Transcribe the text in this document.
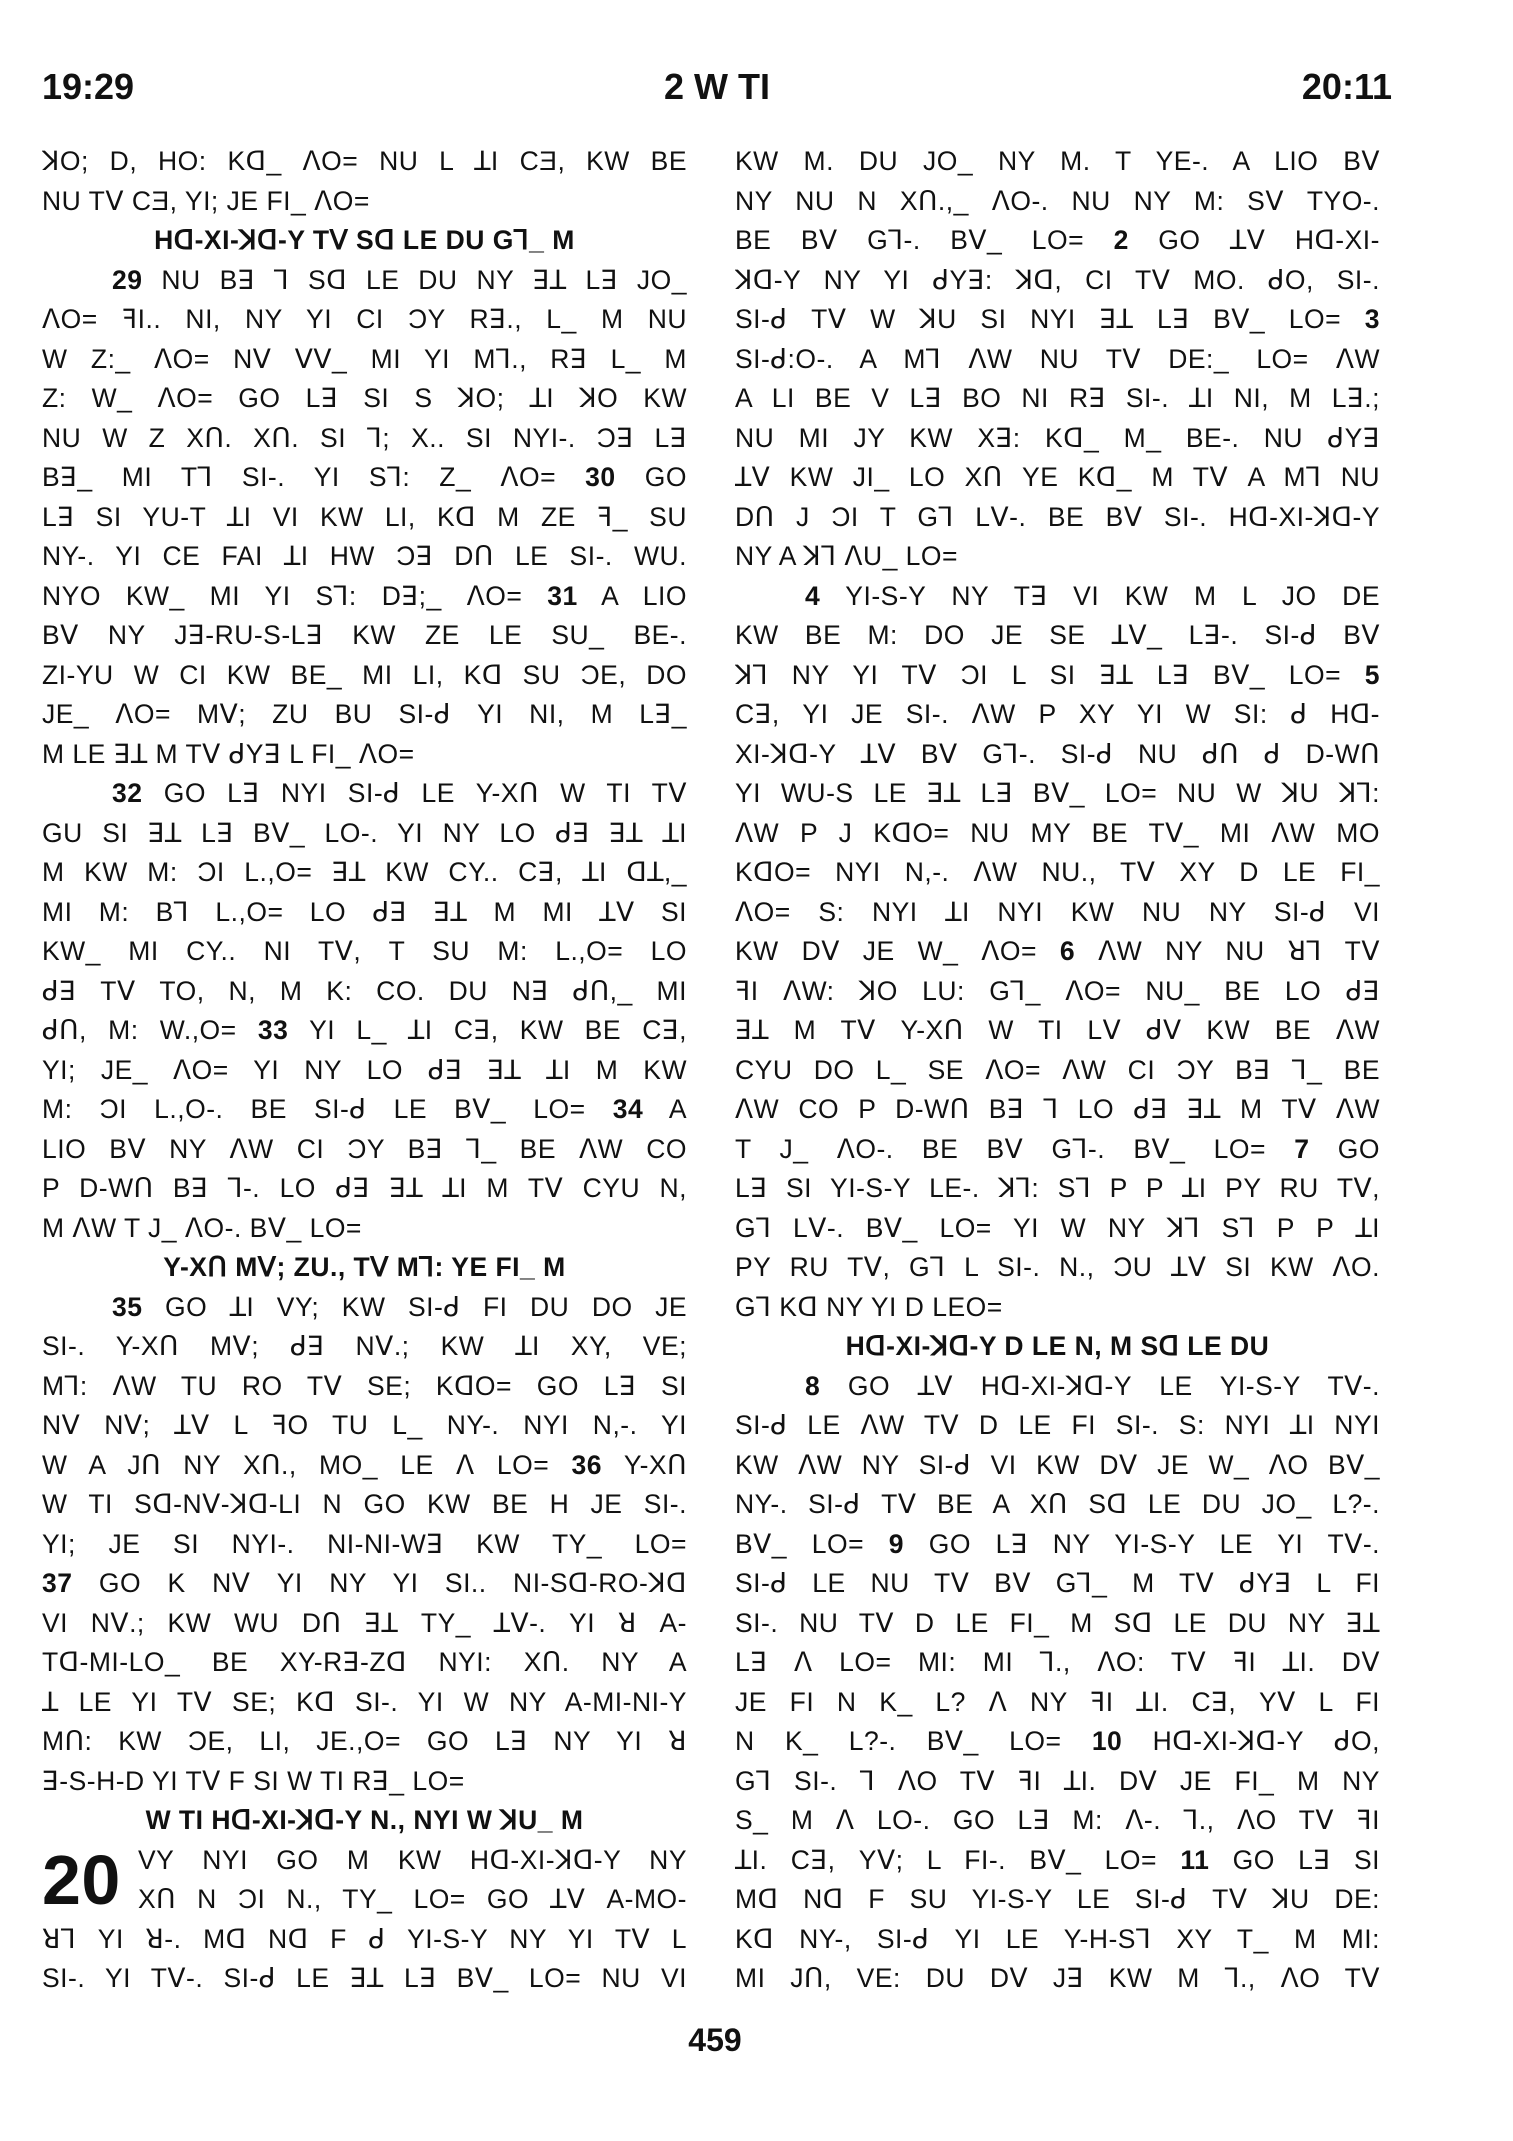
19:29	2 W TI	20:11
ꓘO; D, HO: Kᗡ_ ᐱO= NU L ꓕI CƎ, KW BE
NU Tᐯ CƎ, YI; JE FI_ ᐱO=
Hᗡ-XI-ꓘᗡ-Y Tᐯ Sᗡ LE DU G⅂_ M
29 NU Bꓱ ⅂ Sᗡ LE DU NY ꓱꓕ Lꓱ JO_
ᐱO= ꟻI.. NI, NY YI CI ƆY Rꓱ., L_ M NU
W Z:_ ᐱO= Nᐯ ᐯᐯ_ MI YI M⅂., Rꓱ L_ M
Z: W_ ᐱO= GO Lꓱ SI S ꓘO; ꓕI ꓘO KW
NU W Z Xᑎ. Xᑎ. SI ⅂; X.. SI NYI-. Ɔꓱ Lꓱ
Bꓱ_ MI T⅂ SI-. YI S⅂: Z_ ᐱO= 30 GO
Lꓱ SI YU-T ꓕI VI KW LI, Kᗡ M ZE ꟻ_ SU
NY-. YI CE FAI ꓕI HW Ɔꓱ Dᑎ LE SI-. WU.
NYO KW_ MI YI S⅂: Dꓱ;_ ᐱO= 31 A LIO
Bᐯ NY Jꓱ-RU-S-Lꓱ KW ZE LE SU_ BE-.
ZI-YU W CI KW BE_ MI LI, Kᗡ SU ƆE, DO
JE_ ᐱO= Mᐯ; ZU BU SI-ᑯ YI NI, M Lꓱ_
M LE ꓱꓕ M Tᐯ ᑯYꓱ L FI_ ᐱO=
32 GO Lꓱ NYI SI-ᑯ LE Y-Xᑎ W TI Tᐯ
GU SI ꓱꓕ Lꓱ Bᐯ_ LO-. YI NY LO ᑯꓱ ꓱꓕ ꓕI
M KW M: ƆI L.,O= ꓱꓕ KW CY.. Cꓱ, ꓕI ᗡꓕ,_
MI M: B⅂ L.,O= LO ᑯꓱ ꓱꓕ M MI ꓕᐯ SI
KW_ MI CY.. NI Tᐯ, T SU M: L.,O= LO
ᑯꓱ Tᐯ TO, N, M K: CO. DU Nꓱ ᑯᑎ,_ MI
ᑯᑎ, M: W.,O= 33 YI L_ ꓕI Cꓱ, KW BE Cꓱ,
YI; JE_ ᐱO= YI NY LO ᑯꓱ ꓱꓕ ꓕI M KW
M: ƆI L.,O-. BE SI-ᑯ LE Bᐯ_ LO= 34 A
LIO Bᐯ NY ᐱW CI ƆY Bꓱ ⅂_ BE ᐱW CO
P D-Wᑎ Bꓱ ⅂-. LO ᑯꓱ ꓱꓕ ꓕI M Tᐯ CYU N,
M ᐱW T J_ ᐱO-. Bᐯ_ LO=
Y-Xᑎ Mᐯ; ZU., Tᐯ M⅂: YE FI_ M
35 GO ꓕI VY; KW SI-ᑯ FI DU DO JE
SI-. Y-Xᑎ Mᐯ; ᑯꓱ Nᐯ.; KW ꓕI XY, VE;
M⅂: ᐱW TU RO Tᐯ SE; KᗡO= GO Lꓱ SI
Nᐯ Nᐯ; ꓕᐯ L ꟻO TU L_ NY-. NYI N,-. YI
W A Jᑎ NY Xᑎ., MO_ LE ᐱ LO= 36 Y-Xᑎ
W TI Sᗡ-Nᐯ-ꓘᗡ-LI N GO KW BE H JE SI-.
YI; JE SI NYI-. NI-NI-Wꓱ KW TY_ LO=
37 GO K Nᐯ YI NY YI SI.. NI-Sᗡ-RO-ꓘᗡ
VI Nᐯ.; KW WU Dᑎ ꓱꓕ TY_ ꓕᐯ-. YI ꓤ A-
Tᗡ-MI-LO_ BE XY-Rꓱ-Zᗡ NYI: Xᑎ. NY A
ꓕ LE YI Tᐯ SE; Kᗡ SI-. YI W NY A-MI-NI-Y
Mᑎ: KW ƆE, LI, JE.,O= GO Lꓱ NY YI ꓤ
ꓱ-S-H-D YI Tᐯ F SI W TI Rꓱ_ LO=
W TI Hᗡ-XI-ꓘᗡ-Y N., NYI W ꓘU_ M
20 VY NYI GO M KW Hᗡ-XI-ꓘᗡ-Y NY
Xᑎ N ƆI N., TY_ LO= GO ꓕᐯ A-MO-
ꓤ⅂ YI ꓤ-. Mᗡ Nᗡ F ᑯ YI-S-Y NY YI Tᐯ L
SI-. YI Tᐯ-. SI-ᑯ LE ꓱꓕ Lꓱ Bᐯ_ LO= NU VI
KW M. DU JO_ NY M. T YE-. A LIO Bᐯ
NY NU N Xᑎ.,_ ᐱO-. NU NY M: Sᐯ TYO-.
BE Bᐯ G⅂-. Bᐯ_ LO= 2 GO ꓕᐯ Hᗡ-XI-
ꓘᗡ-Y NY YI ᑯYꓱ: ꓘᗡ, CI Tᐯ MO. ᑯO, SI-.
SI-ᑯ Tᐯ W ꓘU SI NYI ꓱꓕ Lꓱ Bᐯ_ LO= 3
SI-ᑯ:O-. A M⅂ ᐱW NU Tᐯ DE:_ LO= ᐱW
A LI BE V Lꓱ BO NI Rꓱ SI-. ꓕI NI, M Lꓱ.;
NU MI JY KW Xꓱ: Kᗡ_ M_ BE-. NU ᑯYꓱ
ꓕᐯ KW JI_ LO Xᑎ YE Kᗡ_ M Tᐯ A M⅂ NU
Dᑎ J ƆI T G⅂ Lᐯ-. BE Bᐯ SI-. Hᗡ-XI-ꓘᗡ-Y
NY A ꓘ⅂ ᐱU_ LO=
4 YI-S-Y NY Tꓱ VI KW M L JO DE
KW BE M: DO JE SE ꓕᐯ_ Lꓱ-. SI-ᑯ Bᐯ
ꓘ⅂ NY YI Tᐯ ƆI L SI ꓱꓕ Lꓱ Bᐯ_ LO= 5
Cꓱ, YI JE SI-. ᐱW P XY YI W SI: ᑯ Hᗡ-
XI-ꓘᗡ-Y ꓕᐯ Bᐯ G⅂-. SI-ᑯ NU ᑯᑎ ᑯ D-Wᑎ
YI WU-S LE ꓱꓕ Lꓱ Bᐯ_ LO= NU W ꓘU ꓘ⅂:
ᐱW P J KᗡO= NU MY BE Tᐯ_ MI ᐱW MO
KᗡO= NYI N,-. ᐱW NU., Tᐯ XY D LE FI_
ᐱO= S: NYI ꓕI NYI KW NU NY SI-ᑯ VI
KW Dᐯ JE W_ ᐱO= 6 ᐱW NY NU ꓤ⅂ Tᐯ
ꟻI ᐱW: ꓘO LU: G⅂_ ᐱO= NU_ BE LO ᑯꓱ
ꓱꓕ M Tᐯ Y-Xᑎ W TI Lᐯ ᑯᐯ KW BE ᐱW
CYU DO L_ SE ᐱO= ᐱW CI ƆY Bꓱ ⅂_ BE
ᐱW CO P D-Wᑎ Bꓱ ⅂ LO ᑯꓱ ꓱꓕ M Tᐯ ᐱW
T J_ ᐱO-. BE Bᐯ G⅂-. Bᐯ_ LO= 7 GO
Lꓱ SI YI-S-Y LE-. ꓘ⅂: S⅂ P P ꓕI PY RU Tᐯ,
G⅂ Lᐯ-. Bᐯ_ LO= YI W NY ꓘ⅂ S⅂ P P ꓕI
PY RU Tᐯ, G⅂ L SI-. N., ƆU ꓕᐯ SI KW ᐱO.
G⅂ Kᗡ NY YI D LEO=
Hᗡ-XI-ꓘᗡ-Y D LE N, M Sᗡ LE DU
8 GO ꓕᐯ Hᗡ-XI-ꓘᗡ-Y LE YI-S-Y Tᐯ-.
SI-ᑯ LE ᐱW Tᐯ D LE FI SI-. S: NYI ꓕI NYI
KW ᐱW NY SI-ᑯ VI KW Dᐯ JE W_ ᐱO Bᐯ_
NY-. SI-ᑯ Tᐯ BE A Xᑎ Sᗡ LE DU JO_ L?-.
Bᐯ_ LO= 9 GO Lꓱ NY YI-S-Y LE YI Tᐯ-.
SI-ᑯ LE NU Tᐯ Bᐯ G⅂_ M Tᐯ ᑯYꓱ L FI
SI-. NU Tᐯ D LE FI_ M Sᗡ LE DU NY ꓱꓕ
Lꓱ ᐱ LO= MI: MI ⅂., ᐱO: Tᐯ ꟻI ꓕI. Dᐯ
JE FI N K_ L? ᐱ NY ꟻI ꓕI. Cꓱ, Yᐯ L FI
N K_ L?-. Bᐯ_ LO= 10 Hᗡ-XI-ꓘᗡ-Y ᑯO,
G⅂ SI-. ⅂ ᐱO Tᐯ ꟻI ꓕI. Dᐯ JE FI_ M NY
S_ M ᐱ LO-. GO Lꓱ M: ᐱ-. ⅂., ᐱO Tᐯ ꟻI
ꓕI. Cꓱ, Yᐯ; L FI-. Bᐯ_ LO= 11 GO Lꓱ SI
Mᗡ Nᗡ F SU YI-S-Y LE SI-ᑯ Tᐯ ꓘU DE:
Kᗡ NY-, SI-ᑯ YI LE Y-H-S⅂ XY T_ M MI:
MI Jᑎ, VE: DU Dᐯ Jꓱ KW M ⅂., ᐱO Tᐯ
459
